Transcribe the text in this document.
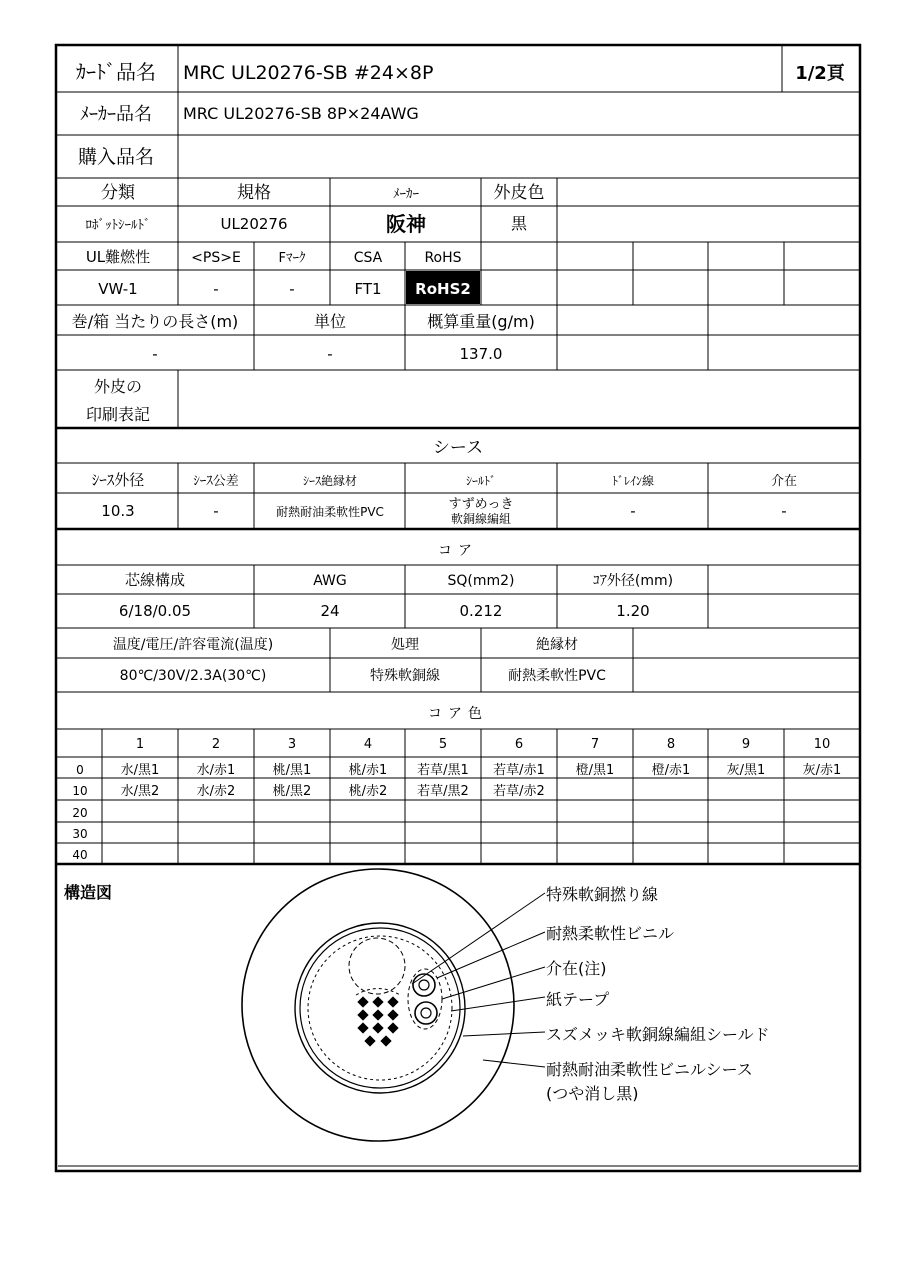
ｶｰﾄﾞ品名 MRC UL20276-SB #24×8P	1/2頁
ﾒｰｶｰ品名 MRC UL20276-SB 8P×24AWG
購入品名
分類	規格	ﾒｰｶｰ	外皮色
ﾛﾎﾞｯﾄｼｰﾙﾄﾞ	UL20276	阪神	黒
UL難燃性	<PS>E	Fﾏｰｸ	CSA	RoHS
VW-1	-	-	FT1 RoHS2
巻/箱 当たりの長さ(m)	単位	概算重量(g/m)
-	-	137.0
外皮の
印刷表記
シース
ｼｰｽ外径	ｼｰｽ公差	ｼｰｽ絶縁材	ｼｰﾙﾄﾞ	ﾄﾞﾚｲﾝ線	介在
10.3	-	耐熱耐油柔軟性PVC	すずめっき
軟銅線編組	-	-
コア
芯線構成	AWG	SQ(mm2)	ｺｱ外径(mm)
6/18/0.05	24	0.212	1.20
温度/電圧/許容電流(温度)	処理	絶縁材
80℃/30V/2.3A(30℃)	特殊軟銅線	耐熱柔軟性PVC
コア色
1	2	3	4	5	6	7	8	9	10
0	水/黒1	水/赤1	桃/黒1	桃/赤1 若草/黒1 若草/赤1 橙/黒1	橙/赤1	灰/黒1	灰/赤1
10	水/黒2	水/赤2	桃/黒2	桃/赤2 若草/黒2 若草/赤2
20
30
40
構造図	特殊軟銅撚り線
耐熱柔軟性ビニル
介在(注)
紙テープ
スズメッキ軟銅線編組シールド
耐熱耐油柔軟性ビニルシース
(つや消し黒)
